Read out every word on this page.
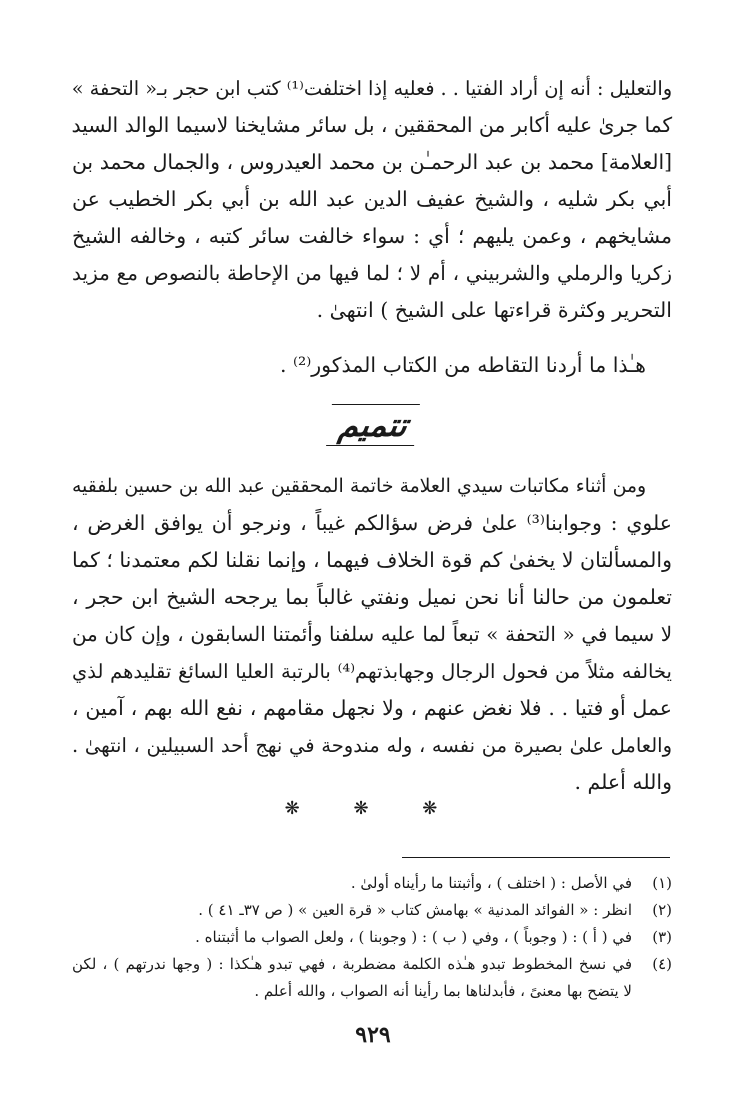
والتعليل : أنه إن أراد الفتيا . . فعليه إذا اختلفت⁽¹⁾ كتب ابن حجر بـ« التحفة »
كما جرىٰ عليه أكابر من المحققين ، بل سائر مشايخنا لاسيما الوالد السيد
[العلامة] محمد بن عبد الرحمـٰن بن محمد العيدروس ، والجمال محمد بن
أبي بكر شليه ، والشيخ عفيف الدين عبد الله بن أبي بكر الخطيب عن
مشايخهم ، وعمن يليهم ؛ أي : سواء خالفت سائر كتبه ، وخالفه الشيخ
زكريا والرملي والشربيني ، أم لا ؛ لما فيها من الإحاطة بالنصوص مع مزيد
التحرير وكثرة قراءتها على الشيخ ) انتهىٰ .
هـٰذا ما أردنا التقاطه من الكتاب المذكور⁽²⁾ .
تتميم
ومن أثناء مكاتبات سيدي العلامة خاتمة المحققين عبد الله بن حسين بلفقيه
علوي : وجوابنا⁽³⁾ علىٰ فرض سؤالكم غيباً ، ونرجو أن يوافق الغرض ،
والمسألتان لا يخفىٰ كم قوة الخلاف فيهما ، وإنما نقلنا لكم معتمدنا ؛ كما
تعلمون من حالنا أنا نحن نميل ونفتي غالباً بما يرجحه الشيخ ابن حجر ،
لا سيما في « التحفة » تبعاً لما عليه سلفنا وأئمتنا السابقون ، وإن كان من
يخالفه مثلاً من فحول الرجال وجهابذتهم⁽⁴⁾ بالرتبة العليا السائغ تقليدهم لذي
عمل أو فتيا . . فلا نغض عنهم ، ولا نجهل مقامهم ، نفع الله بهم ، آمين ،
والعامل علىٰ بصيرة من نفسه ، وله مندوحة في نهج أحد السبيلين ، انتهىٰ .
والله أعلم .
❋ ❋ ❋
(١)
في الأصل : ( اختلف ) ، وأثبتنا ما رأيناه أولىٰ .
(٢)
انظر : « الفوائد المدنية » بهامش كتاب « قرة العين » ( ص ٣٧ـ ٤١ ) .
(٣)
في ( أ ) : ( وجوباً ) ، وفي ( ب ) : ( وجوبنا ) ، ولعل الصواب ما أثبتناه .
(٤)
في نسخ المخطوط تبدو هـٰذه الكلمة مضطربة ، فهي تبدو هـٰكذا : ( وجها ندرتهم ) ، لكن
لا يتضح بها معنىً ، فأبدلناها بما رأينا أنه الصواب ، والله أعلم .
٩٢٩
